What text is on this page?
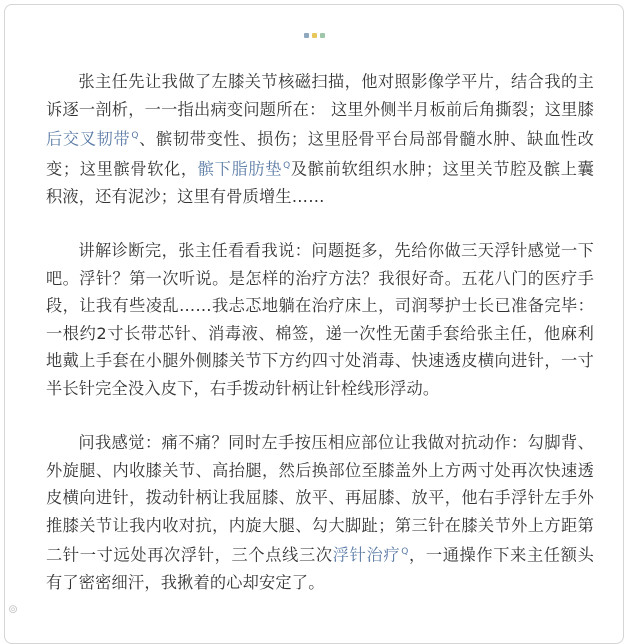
张主任先让我做了左膝关节核磁扫描，他对照影像学平片，结合我的主诉逐一剖析，一一指出病变问题所在： 这里外侧半月板前后角撕裂；这里膝后交叉韧带$^Q$、髌韧带变性、损伤；这里胫骨平台局部骨髓水肿、缺血性改变；这里髌骨软化，髌下脂肪垫$^Q$及髌前软组织水肿；这里关节腔及髌上囊积液，还有泥沙；这里有骨质增生……

讲解诊断完，张主任看看我说：问题挺多，先给你做三天浮针感觉一下吧。浮针？第一次听说。是怎样的治疗方法？我很好奇。五花八门的医疗手段，让我有些凌乱……我忐忑地躺在治疗床上，司润琴护士长已准备完毕：一根约2寸长带芯针、消毒液、棉签，递一次性无菌手套给张主任，他麻利地戴上手套在小腿外侧膝关节下方约四寸处消毒、快速透皮横向进针，一寸半长针完全没入皮下，右手拨动针柄让针栓线形浮动。

问我感觉：痛不痛？同时左手按压相应部位让我做对抗动作：勾脚背、外旋腿、内收膝关节、高抬腿，然后换部位至膝盖外上方两寸处再次快速透皮横向进针，拨动针柄让我屈膝、放平、再屈膝、放平，他右手浮针左手外推膝关节让我内收对抗，内旋大腿、勾大脚趾；第三针在膝关节外上方距第二针一寸远处再次浮针，三个点线三次浮针治疗$^Q$，一通操作下来主任额头有了密密细汗，我揪着的心却安定了。

⊚
